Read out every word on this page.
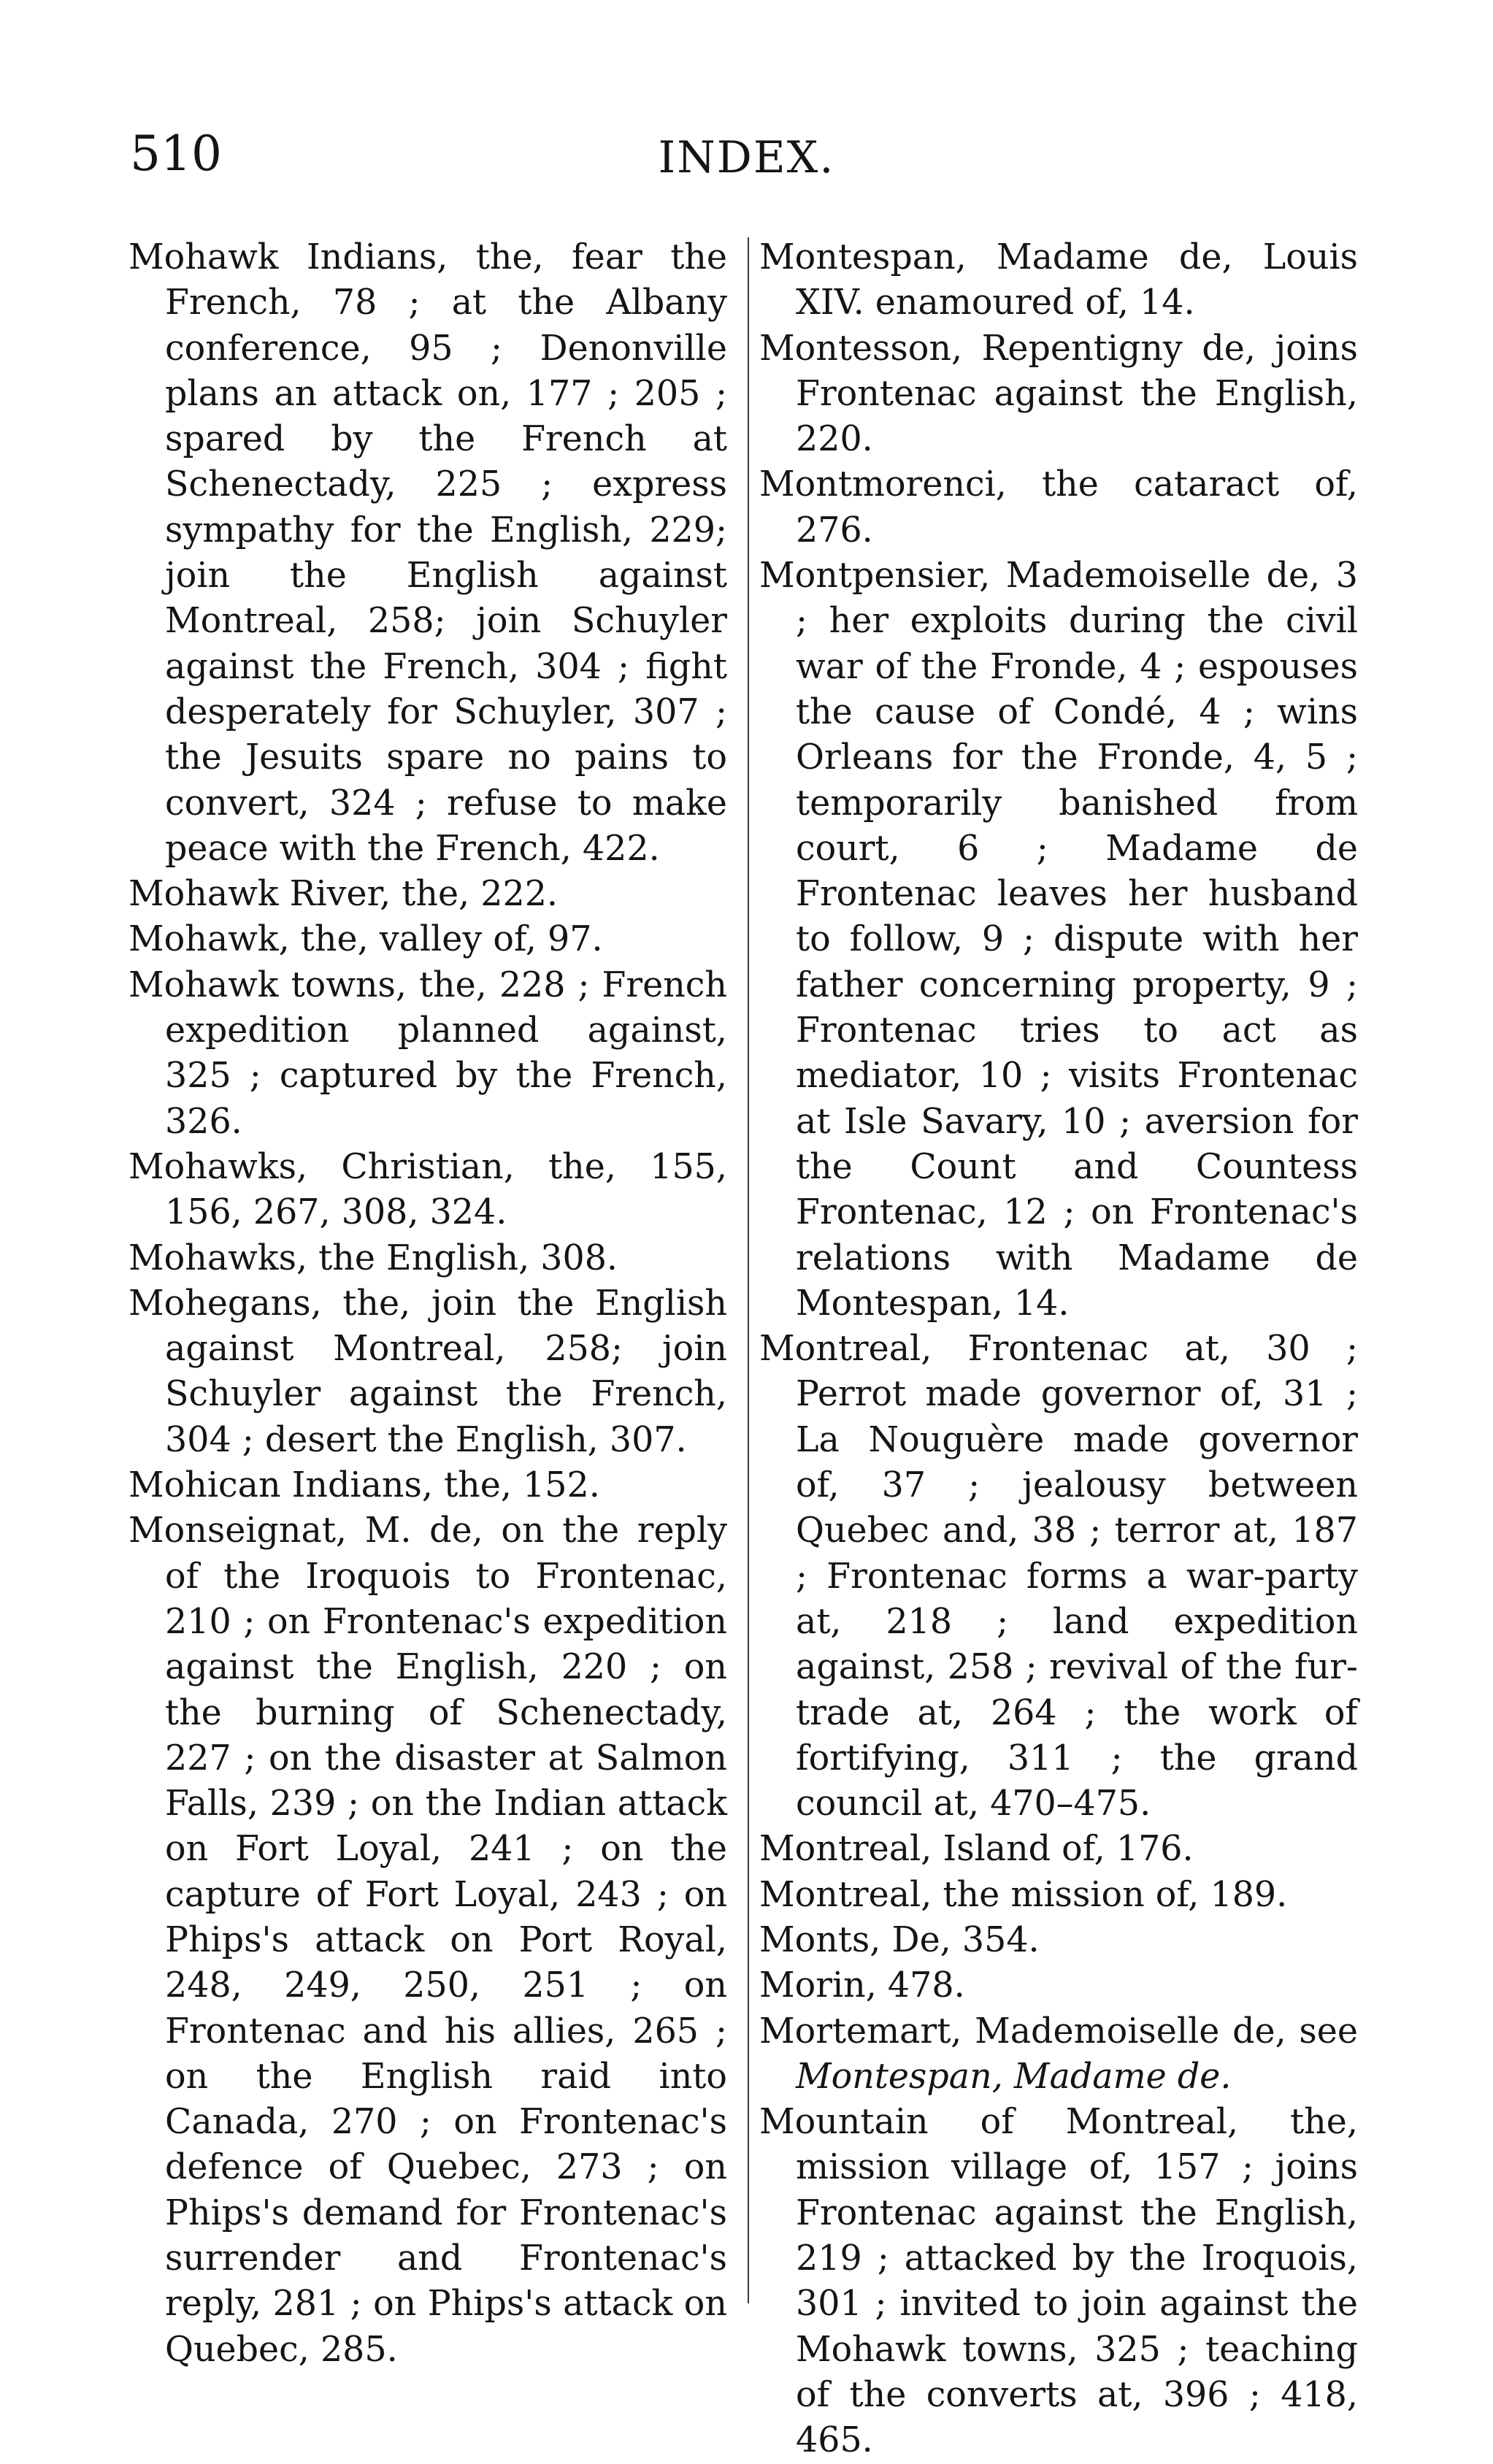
510	INDEX.

Mohawk Indians, the, fear the French, 78 ; at the Albany conference, 95 ; Denonville plans an attack on, 177 ; 205 ; spared by the French at Schenectady, 225 ; express sympathy for the English, 229; join the English against Montreal, 258; join Schuyler against the French, 304 ; fight desperately for Schuyler, 307 ; the Jesuits spare no pains to convert, 324 ; refuse to make peace with the French, 422.

Mohawk River, the, 222.

Mohawk, the, valley of, 97.

Mohawk towns, the, 228 ; French expedition planned against, 325 ; captured by the French, 326.

Mohawks, Christian, the, 155, 156, 267, 308, 324.

Mohawks, the English, 308.

Mohegans, the, join the English against Montreal, 258; join Schuyler against the French, 304 ; desert the English, 307.

Mohican Indians, the, 152.

Monseignat, M. de, on the reply of the Iroquois to Frontenac, 210 ; on Frontenac's expedition against the English, 220 ; on the burning of Schenectady, 227 ; on the disaster at Salmon Falls, 239 ; on the Indian attack on Fort Loyal, 241 ; on the capture of Fort Loyal, 243 ; on Phips's attack on Port Royal, 248, 249, 250, 251 ; on Frontenac and his allies, 265 ; on the English raid into Canada, 270 ; on Frontenac's defence of Quebec, 273 ; on Phips's demand for Frontenac's surrender and Frontenac's reply, 281 ; on Phips's attack on Quebec, 285.

Montespan, Madame de, Louis XIV. enamoured of, 14.

Montesson, Repentigny de, joins Frontenac against the English, 220.

Montmorenci, the cataract of, 276.

Montpensier, Mademoiselle de, 3 ; her exploits during the civil war of the Fronde, 4 ; espouses the cause of Condé, 4 ; wins Orleans for the Fronde, 4, 5 ; temporarily banished from court, 6 ; Madame de Frontenac leaves her husband to follow, 9 ; dispute with her father concerning property, 9 ; Frontenac tries to act as mediator, 10 ; visits Frontenac at Isle Savary, 10 ; aversion for the Count and Countess Frontenac, 12 ; on Frontenac's relations with Madame de Montespan, 14.

Montreal, Frontenac at, 30 ; Perrot made governor of, 31 ; La Nouguère made governor of, 37 ; jealousy between Quebec and, 38 ; terror at, 187 ; Frontenac forms a war-party at, 218 ; land expedition against, 258 ; revival of the fur-trade at, 264 ; the work of fortifying, 311 ; the grand council at, 470–475.

Montreal, Island of, 176.

Montreal, the mission of, 189.

Monts, De, 354.

Morin, 478.

Mortemart, Mademoiselle de, see Montespan, Madame de.

Mountain of Montreal, the, mission village of, 157 ; joins Frontenac against the English, 219 ; attacked by the Iroquois, 301 ; invited to join against the Mohawk towns, 325 ; teaching of the converts at, 396 ; 418, 465.
